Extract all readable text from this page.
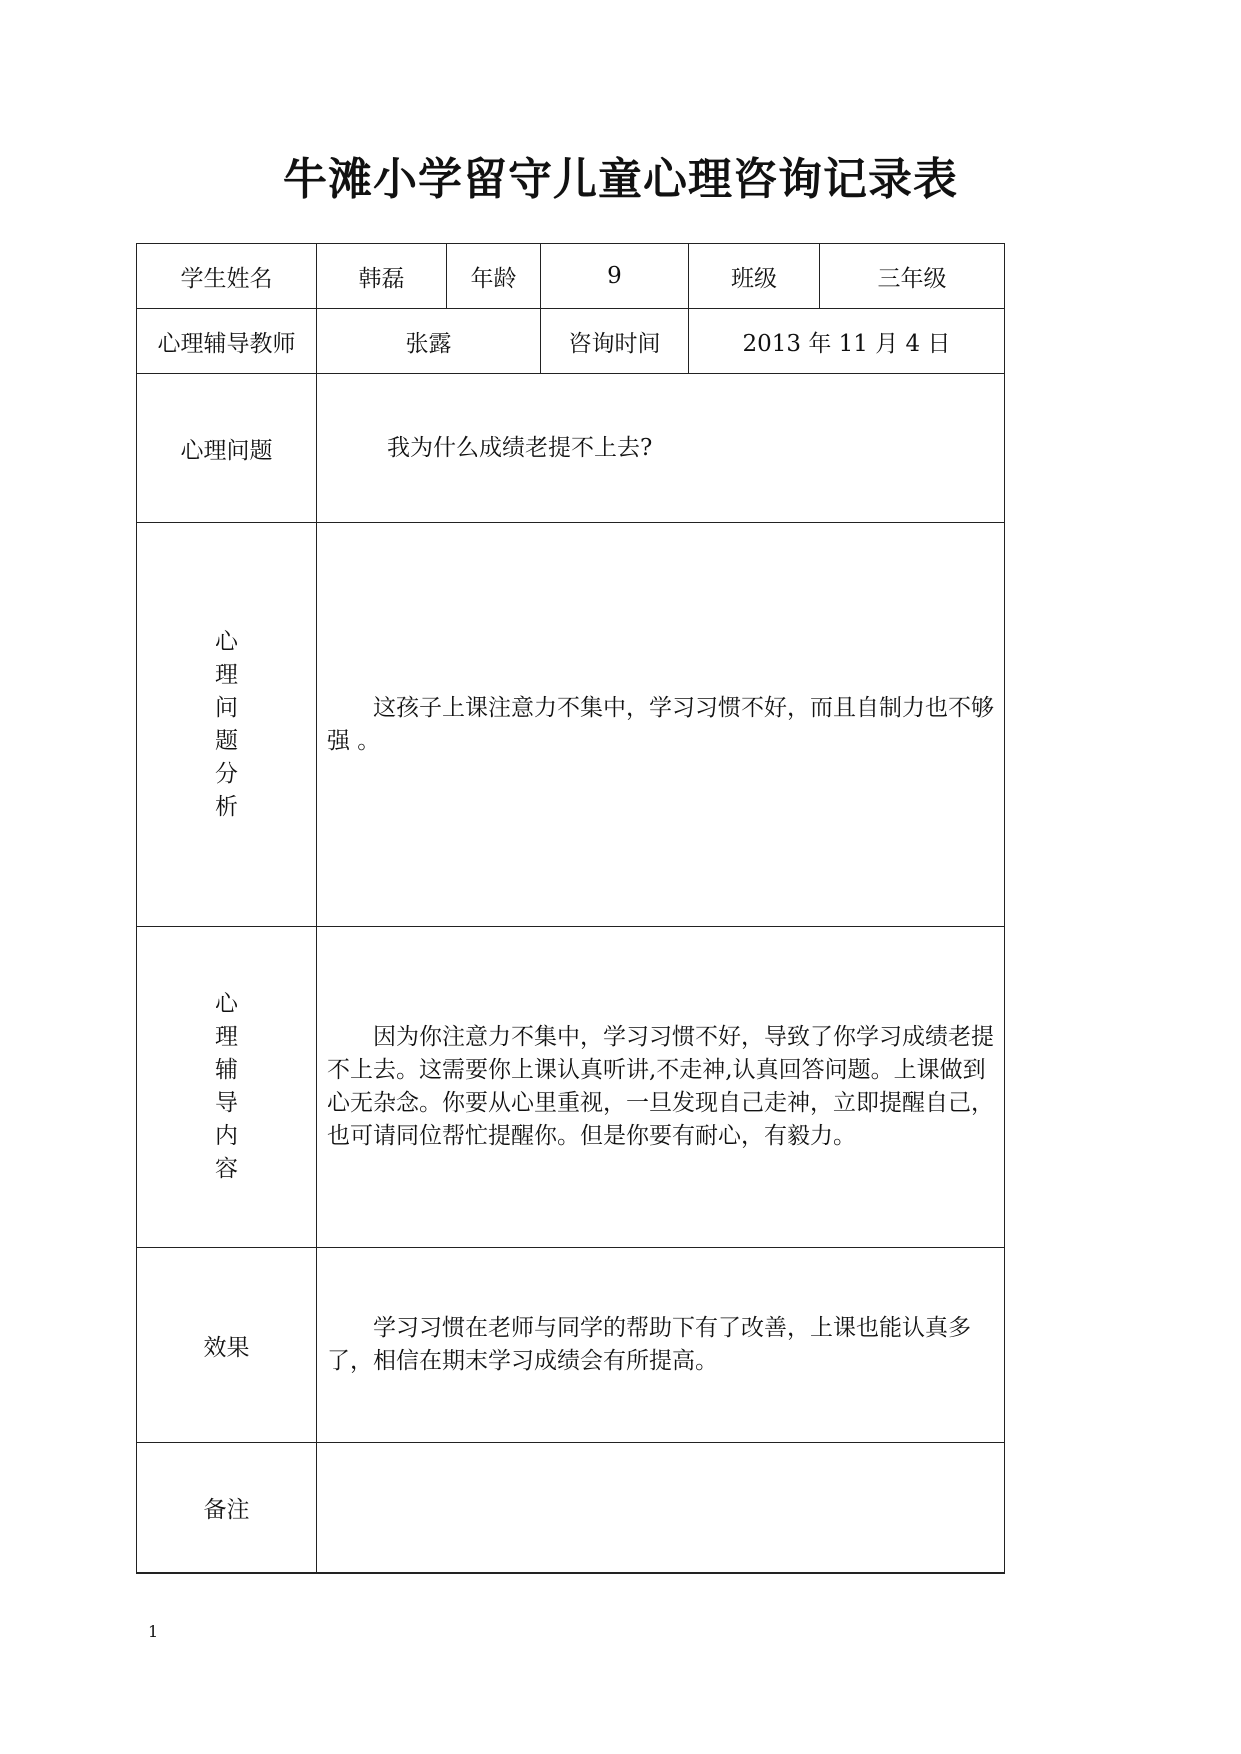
牛滩小学留守儿童心理咨询记录表
学生姓名	韩磊	年龄	9	班级	三年级
心理辅导教师	张露		咨询时间	2013 年 11 月 4 日	
心理问题	我为什么成绩老提不上去?				
心理问题分析	这孩子上课注意力不集中，学习习惯不好，而且自制力也不够强 。				

心理辅导内容	因为你注意力不集中，学习习惯不好，导致了你学习成绩老提不上去。这需要你上课认真听讲,不走神,认真回答问题。上课做到心无杂念。你要从心里重视，一旦发现自己走神，立即提醒自己，也可请同位帮忙提醒你。但是你要有耐心，有毅力。				

效果	学习习惯在老师与同学的帮助下有了改善，上课也能认真多了，相信在期末学习成绩会有所提高。				

备注					
1
